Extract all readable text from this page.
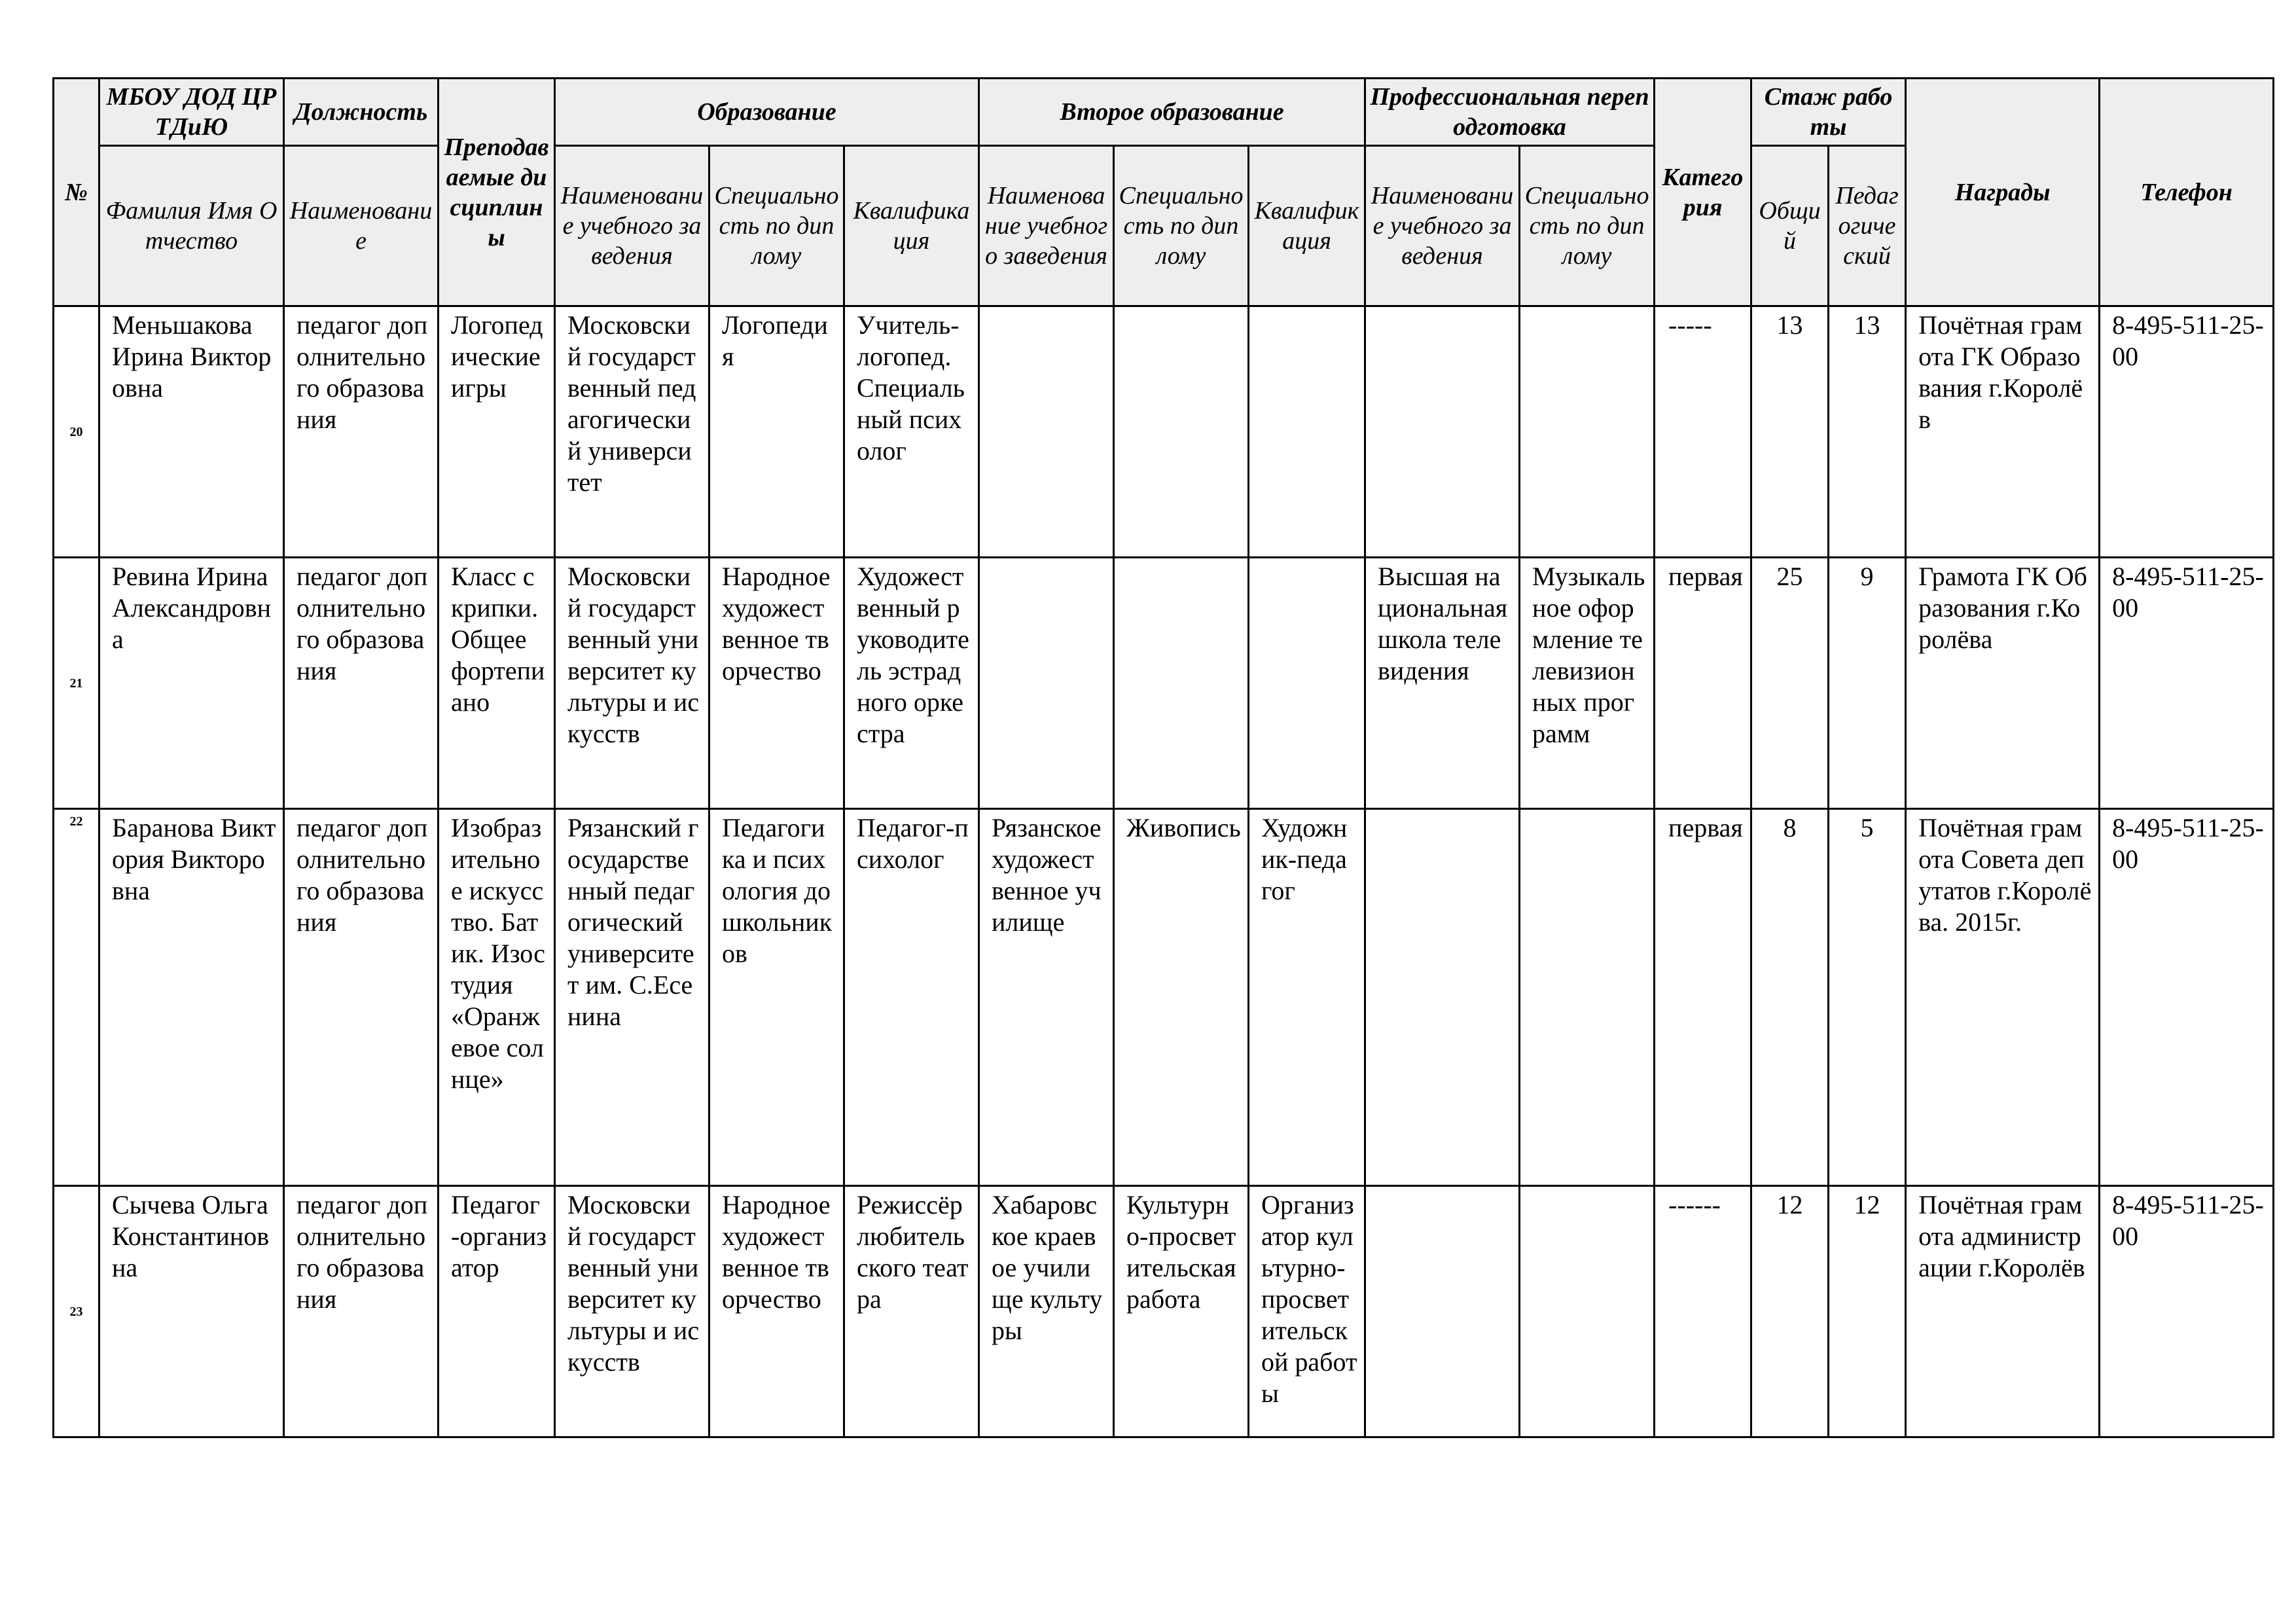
№	МБОУ ДОД ЦРТДиЮ	Должность	Преподаваемые дисциплины	Образование			Второе образование			Профессиональная переподготовка		Категория	Стаж работы		Награды	Телефон
	Фамилия Имя Отчество	Наименование		Наименование учебного заведения	Специальность по диплому	Квалификация	Наименование учебного заведения	Специальность по диплому	Квалификация	Наименование учебного заведения	Специальность по диплому		Общий	Педагогический		
20	Меньшакова Ирина Викторовна	педагог дополнительного образования	Логопедические игры	Московский государственный педагогический университет	Логопедия	Учитель-логопед. Специальный психолог						-----	13	13	Почётная грамота ГК Образования г.Королёв	8-495-511-25-00
21	Ревина Ирина Александровна	педагог дополнительного образования	Класс скрипки. Общее фортепиано	Московский государственный университет культуры и искусств	Народное художественное творчество	Художественный руководитель эстрадного оркестра				Высшая национальная школа телевидения	Музыкальное оформление телевизионных программ	первая	25	9	Грамота ГК Образования г.Королёва	8-495-511-25-00
22	Баранова Виктория Викторовна	педагог дополнительного образования	Изобразительное искусство. Батик. Изостудия «Оранжевое солнце»	Рязанский государственный педагогический университет им. С.Есенина	Педагогика и психология дошкольников	Педагог-психолог	Рязанское художественное училище	Живопись	Художник-педагог			первая	8	5	Почётная грамота Совета депутатов г.Королёва. 2015г.	8-495-511-25-00
23	Сычева Ольга Константиновна	педагог дополнительного образования	Педагог-организатор	Московский государственный университет культуры и искусств	Народное художественное творчество	Режиссёр любительского театра	Хабаровское краевое училище культуры	Культурно-просветительская работа	Организатор культурно-просветительской работы			------	12	12	Почётная грамота администрации г.Королёв	8-495-511-25-00
